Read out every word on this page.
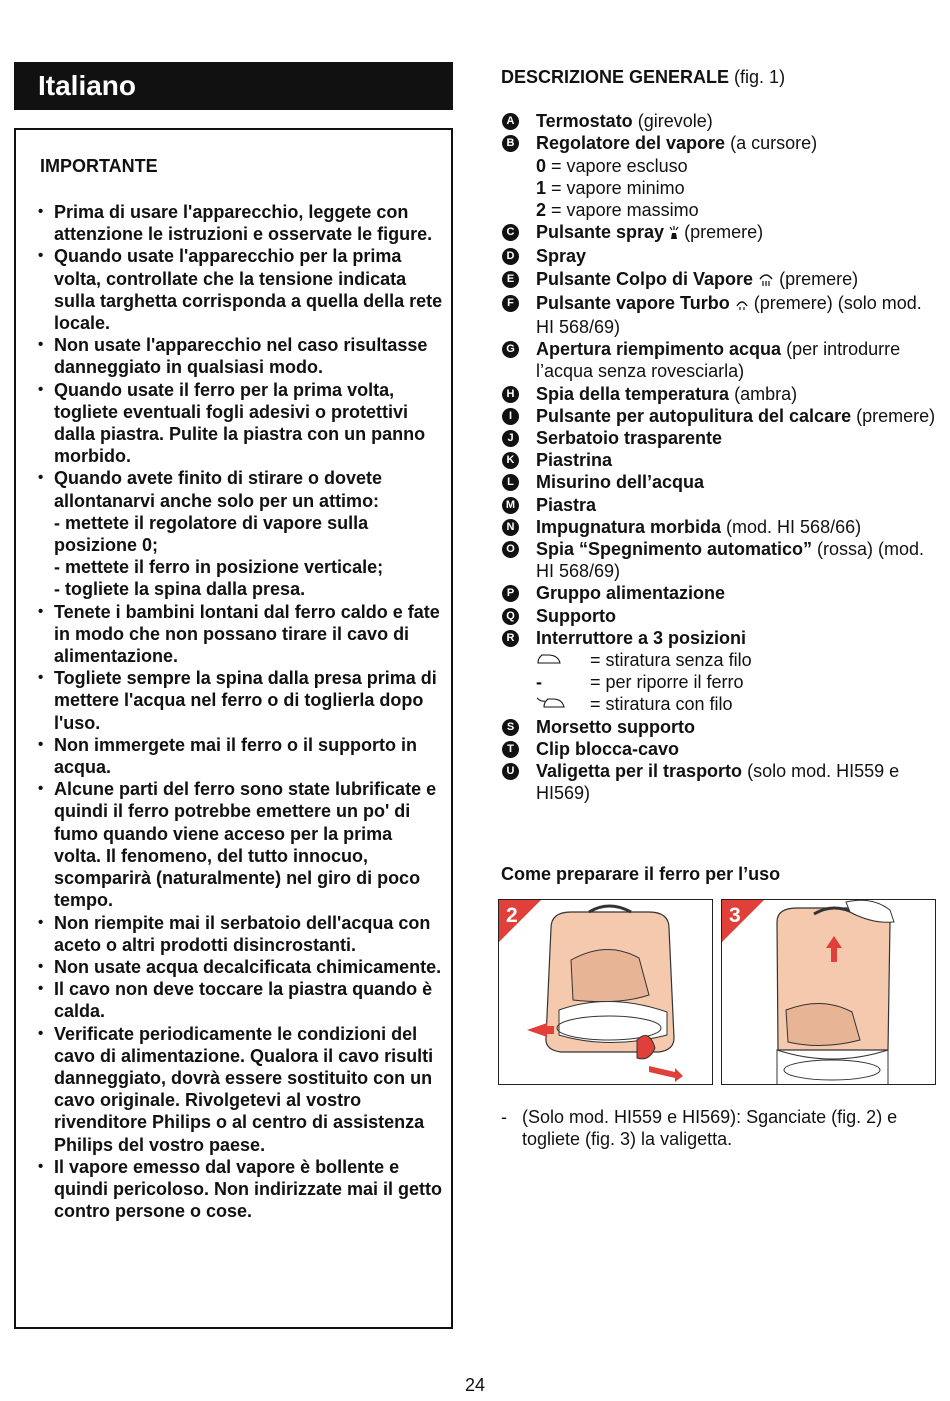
Italiano
IMPORTANTE
• Prima di usare l'apparecchio, leggete con attenzione le istruzioni e osservate le figure.
• Quando usate l'apparecchio per la prima volta, controllate che la tensione indicata sulla targhetta corrisponda a quella della rete locale.
• Non usate l'apparecchio nel caso risultasse danneggiato in qualsiasi modo.
• Quando usate il ferro per la prima volta, togliete eventuali fogli adesivi o protettivi dalla piastra. Pulite la piastra con un panno morbido.
• Quando avete finito di stirare o dovete allontanarvi anche solo per un attimo:
- mettete il regolatore di vapore sulla posizione 0;
- mettete il ferro in posizione verticale;
- togliete la spina dalla presa.
• Tenete i bambini lontani dal ferro caldo e fate in modo che non possano tirare il cavo di alimentazione.
• Togliete sempre la spina dalla presa prima di mettere l'acqua nel ferro o di toglierla dopo l'uso.
• Non immergete mai il ferro o il supporto in acqua.
• Alcune parti del ferro sono state lubrificate e quindi il ferro potrebbe emettere un po' di fumo quando viene acceso per la prima volta. Il fenomeno, del tutto innocuo, scomparirà (naturalmente) nel giro di poco tempo.
• Non riempite mai il serbatoio dell'acqua con aceto o altri prodotti disincrostanti.
• Non usate acqua decalcificata chimicamente.
• Il cavo non deve toccare la piastra quando è calda.
• Verificate periodicamente le condizioni del cavo di alimentazione. Qualora il cavo risulti danneggiato, dovrà essere sostituito con un cavo originale. Rivolgetevi al vostro rivenditore Philips o al centro di assistenza Philips del vostro paese.
• Il vapore emesso dal vapore è bollente e quindi pericoloso. Non indirizzate mai il getto contro persone o cose.
DESCRIZIONE GENERALE (fig. 1)
A Termostato (girevole)
B Regolatore del vapore (a cursore)
0 = vapore escluso
1 = vapore minimo
2 = vapore massimo
C Pulsante spray (premere)
D Spray
E Pulsante Colpo di Vapore (premere)
F Pulsante vapore Turbo (premere) (solo mod. HI 568/69)
G Apertura riempimento acqua (per introdurre l’acqua senza rovesciarla)
H Spia della temperatura (ambra)
I	Pulsante per autopulitura del calcare (premere)
J	Serbatoio trasparente
K Piastrina
L Misurino dell’acqua
M Piastra
N Impugnatura morbida (mod. HI 568/66)
O Spia “Spegnimento automatico” (rossa) (mod. HI 568/69)
P Gruppo alimentazione
Q Supporto
R Interruttore a 3 posizioni
= stiratura senza filo
-	= per riporre il ferro
= stiratura con filo
S Morsetto supporto
T Clip blocca-cavo
U Valigetta per il trasporto (solo mod. HI559 e HI569)
Come preparare il ferro per l’uso
2	3
- (Solo mod. HI559 e HI569): Sganciate (fig. 2) e togliete (fig. 3) la valigetta.
24
